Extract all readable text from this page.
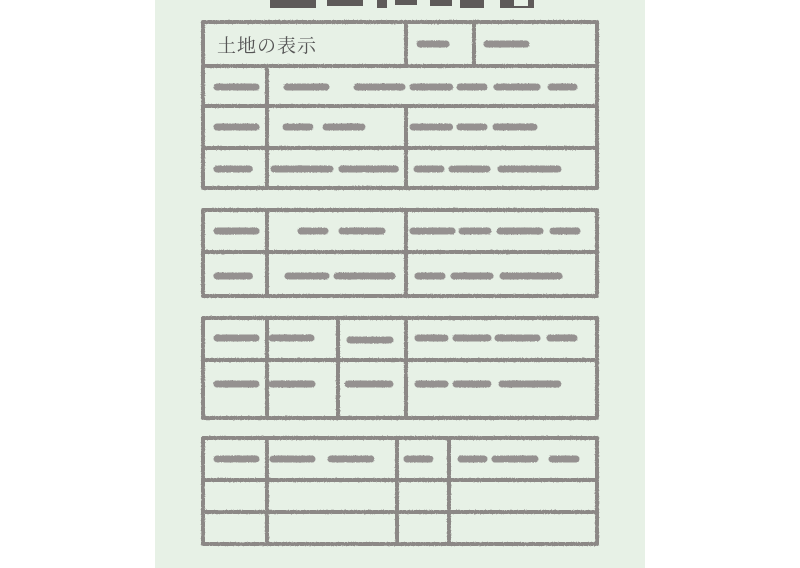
土地の表示
